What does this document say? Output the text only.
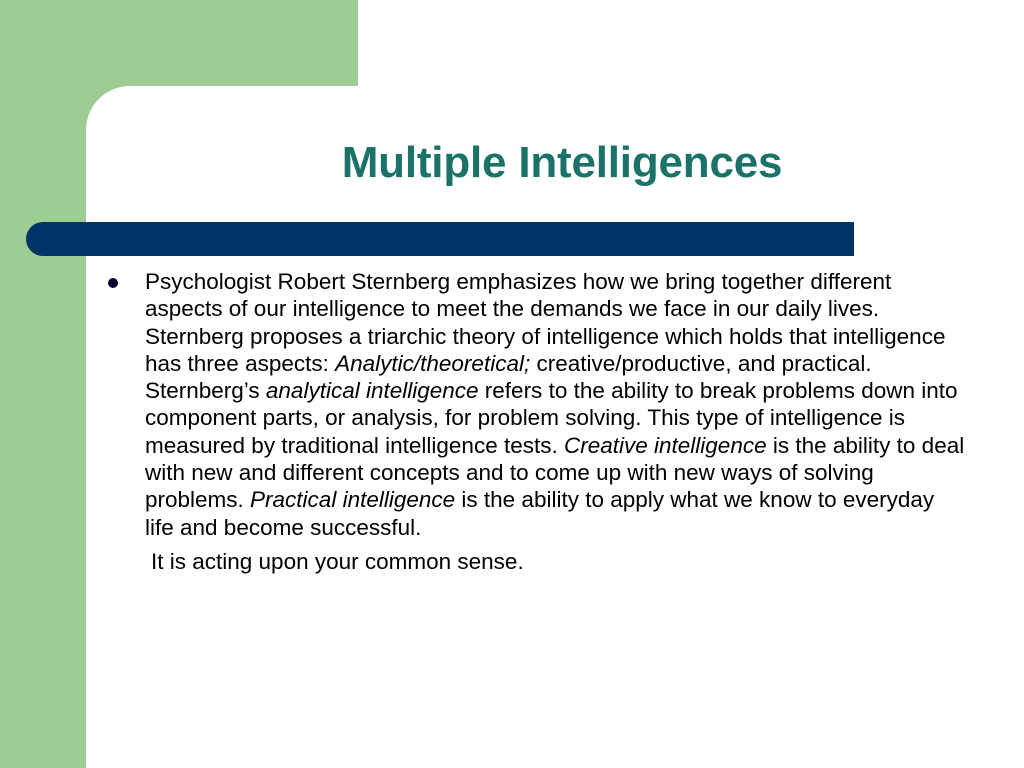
Multiple Intelligences
Psychologist Robert Sternberg emphasizes how we bring together different aspects of our intelligence to meet the demands we face in our daily lives. Sternberg proposes a triarchic theory of intelligence which holds that intelligence has three aspects: Analytic/theoretical; creative/productive, and practical. Sternberg’s analytical intelligence refers to the ability to break problems down into component parts, or analysis, for problem solving. This type of intelligence is measured by traditional intelligence tests. Creative intelligence is the ability to deal with new and different concepts and to come up with new ways of solving problems. Practical intelligence is the ability to apply what we know to everyday life and become successful.
It is acting upon your common sense.
